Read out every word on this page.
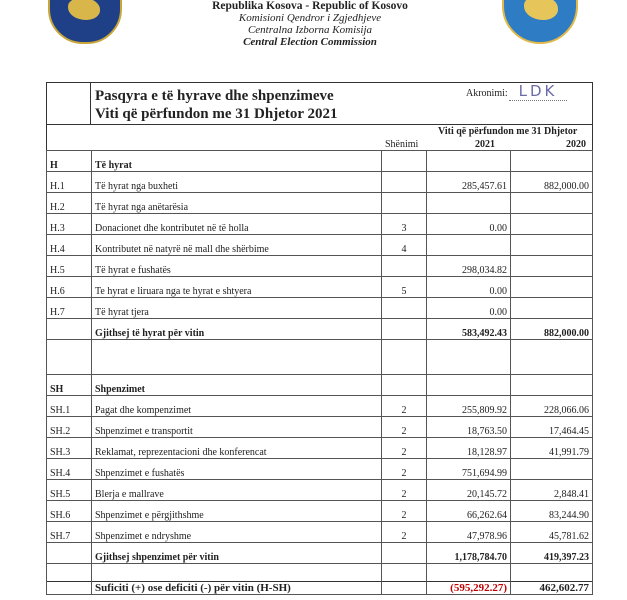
Republika Kosova - Republic of Kosovo
Komisioni Qendror i Zgjedhjeve
Centralna Izborna Komisija
Central Election Commission
Pasqyra e të hyrave dhe shpenzimeve
Viti që përfundon me 31 Dhjetor 2021
Akronimi: LDK
Viti që përfundon me 31 Dhjetor
Shënimi	2021	2020
H	Të hyrat			
H.1	Të hyrat nga buxheti		285,457.61	882,000.00
H.2	Të hyrat nga anëtarësia			
H.3	Donacionet dhe kontributet në të holla	3	0.00	
H.4	Kontributet në natyrë në mall dhe shërbime	4		
H.5	Të hyrat e fushatës		298,034.82	
H.6	Te hyrat e liruara nga te hyrat e shtyera	5	0.00	
H.7	Të hyrat tjera		0.00	
	Gjithsej të hyrat për vitin		583,492.43	882,000.00

SH	Shpenzimet			
SH.1	Pagat dhe kompenzimet	2	255,809.92	228,066.06
SH.2	Shpenzimet e transportit	2	18,763.50	17,464.45
SH.3	Reklamat, reprezentacioni dhe konferencat	2	18,128.97	41,991.79
SH.4	Shpenzimet e fushatës	2	751,694.99	
SH.5	Blerja e mallrave	2	20,145.72	2,848.41
SH.6	Shpenzimet e përgjithshme	2	66,262.64	83,244.90
SH.7	Shpenzimet e ndryshme	2	47,978.96	45,781.62
	Gjithsej shpenzimet për vitin		1,178,784.70	419,397.23
	Suficiti (+) ose deficiti (-) për vitin (H-SH)		(595,292.27)	462,602.77
